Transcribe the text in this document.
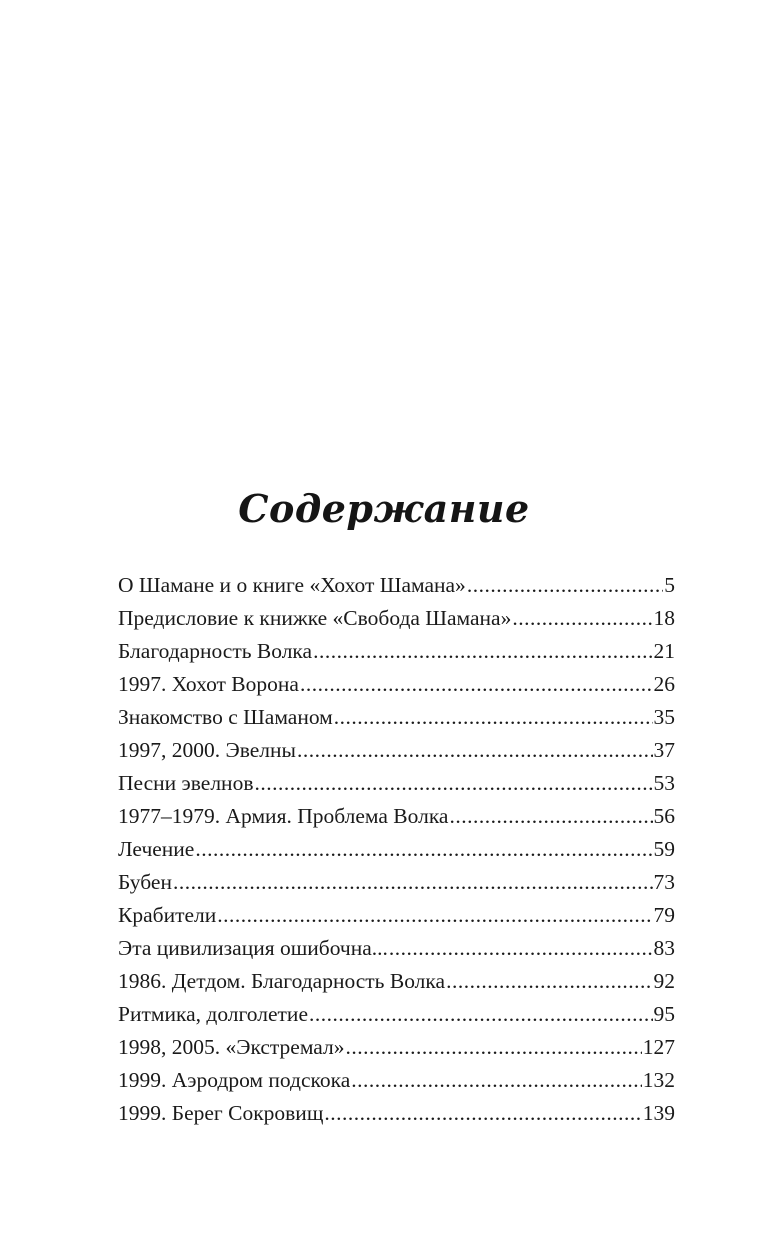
Содержание
О Шамане и о книге «Хохот Шамана» .....	5
Предисловие к книжке «Свобода Шамана» .....	18
Благодарность Волка .....	21
1997. Хохот Ворона .....	26
Знакомство с Шаманом .....	35
1997, 2000. Эвелны .....	37
Песни эвелнов .....	53
1977–1979. Армия. Проблема Волка .....	56
Лечение .....	59
Бубен .....	73
Крабители .....	79
Эта цивилизация ошибочна... .....	83
1986. Детдом. Благодарность Волка .....	92
Ритмика, долголетие .....	95
1998, 2005. «Экстремал» .....	127
1999. Аэродром подскока .....	132
1999. Берег Сокровищ .....	139
